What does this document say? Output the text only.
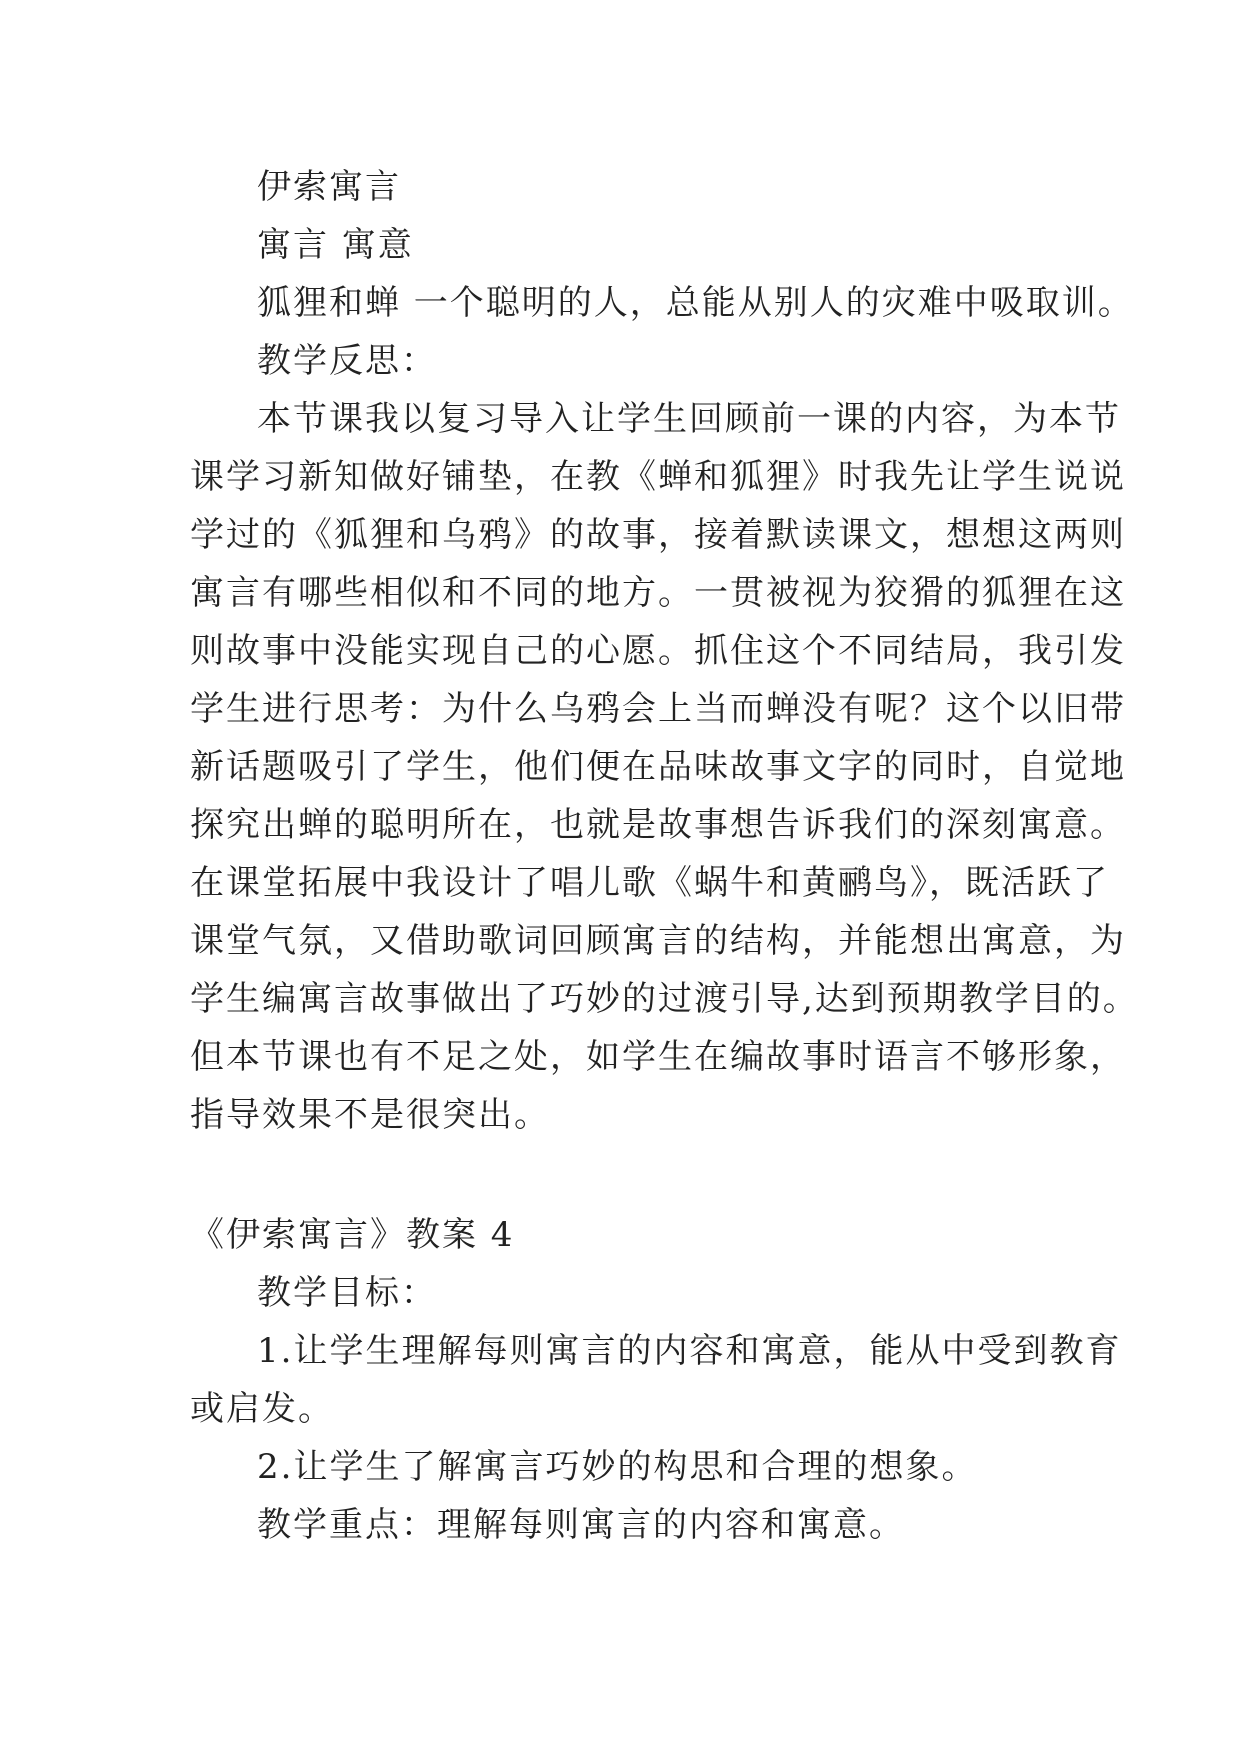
伊索寓言
寓言 寓意
狐狸和蝉 一个聪明的人，总能从别人的灾难中吸取训。
教学反思：
本节课我以复习导入让学生回顾前一课的内容，为本节
课学习新知做好铺垫，在教《蝉和狐狸》时我先让学生说说
学过的《狐狸和乌鸦》的故事，接着默读课文，想想这两则
寓言有哪些相似和不同的地方。一贯被视为狡猾的狐狸在这
则故事中没能实现自己的心愿。抓住这个不同结局，我引发
学生进行思考：为什么乌鸦会上当而蝉没有呢？这个以旧带
新话题吸引了学生，他们便在品味故事文字的同时，自觉地
探究出蝉的聪明所在，也就是故事想告诉我们的深刻寓意。
在课堂拓展中我设计了唱儿歌《蜗牛和黄鹂鸟》，既活跃了
课堂气氛，又借助歌词回顾寓言的结构，并能想出寓意，为
学生编寓言故事做出了巧妙的过渡引导,达到预期教学目的。
但本节课也有不足之处，如学生在编故事时语言不够形象，
指导效果不是很突出。
《伊索寓言》教案 4
教学目标：
1.让学生理解每则寓言的内容和寓意，能从中受到教育
或启发。
2.让学生了解寓言巧妙的构思和合理的想象。
教学重点：理解每则寓言的内容和寓意。
